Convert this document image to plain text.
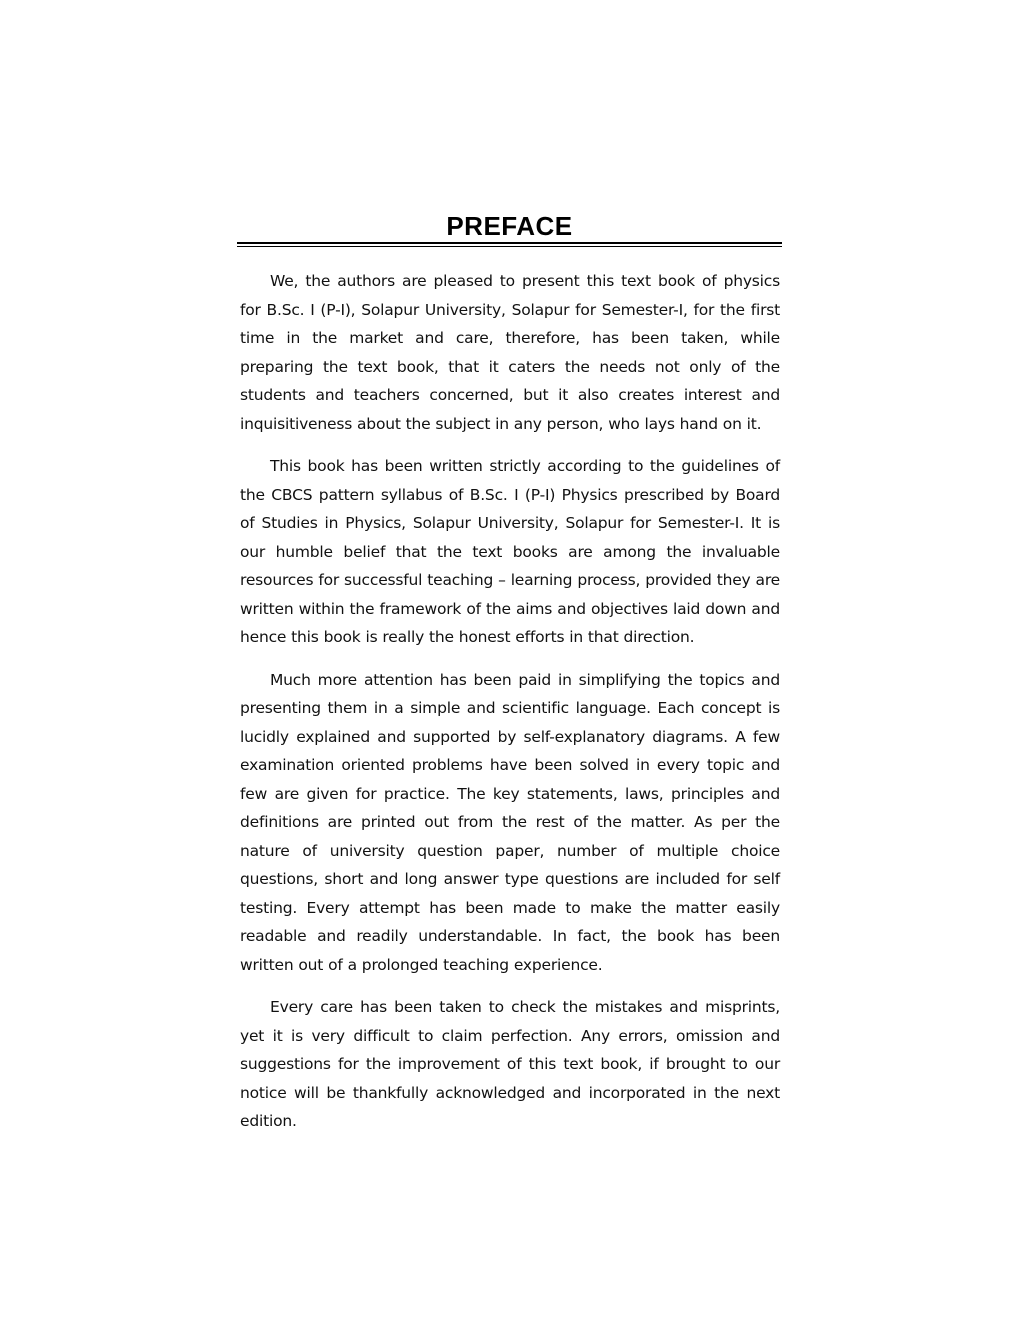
PREFACE

We, the authors are pleased to present this text book of physics for B.Sc. I (P-I), Solapur University, Solapur for Semester-I, for the first time in the market and care, therefore, has been taken, while preparing the text book, that it caters the needs not only of the students and teachers concerned, but it also creates interest and inquisitiveness about the subject in any person, who lays hand on it.

This book has been written strictly according to the guidelines of the CBCS pattern syllabus of B.Sc. I (P-I) Physics prescribed by Board of Studies in Physics, Solapur University, Solapur for Semester-I. It is our humble belief that the text books are among the invaluable resources for successful teaching – learning process, provided they are written within the framework of the aims and objectives laid down and hence this book is really the honest efforts in that direction.

Much more attention has been paid in simplifying the topics and presenting them in a simple and scientific language. Each concept is lucidly explained and supported by self-explanatory diagrams. A few examination oriented problems have been solved in every topic and few are given for practice. The key statements, laws, principles and definitions are printed out from the rest of the matter. As per the nature of university question paper, number of multiple choice questions, short and long answer type questions are included for self testing. Every attempt has been made to make the matter easily readable and readily understandable. In fact, the book has been written out of a prolonged teaching experience.

Every care has been taken to check the mistakes and misprints, yet it is very difficult to claim perfection. Any errors, omission and suggestions for the improvement of this text book, if brought to our notice will be thankfully acknowledged and incorporated in the next edition.
